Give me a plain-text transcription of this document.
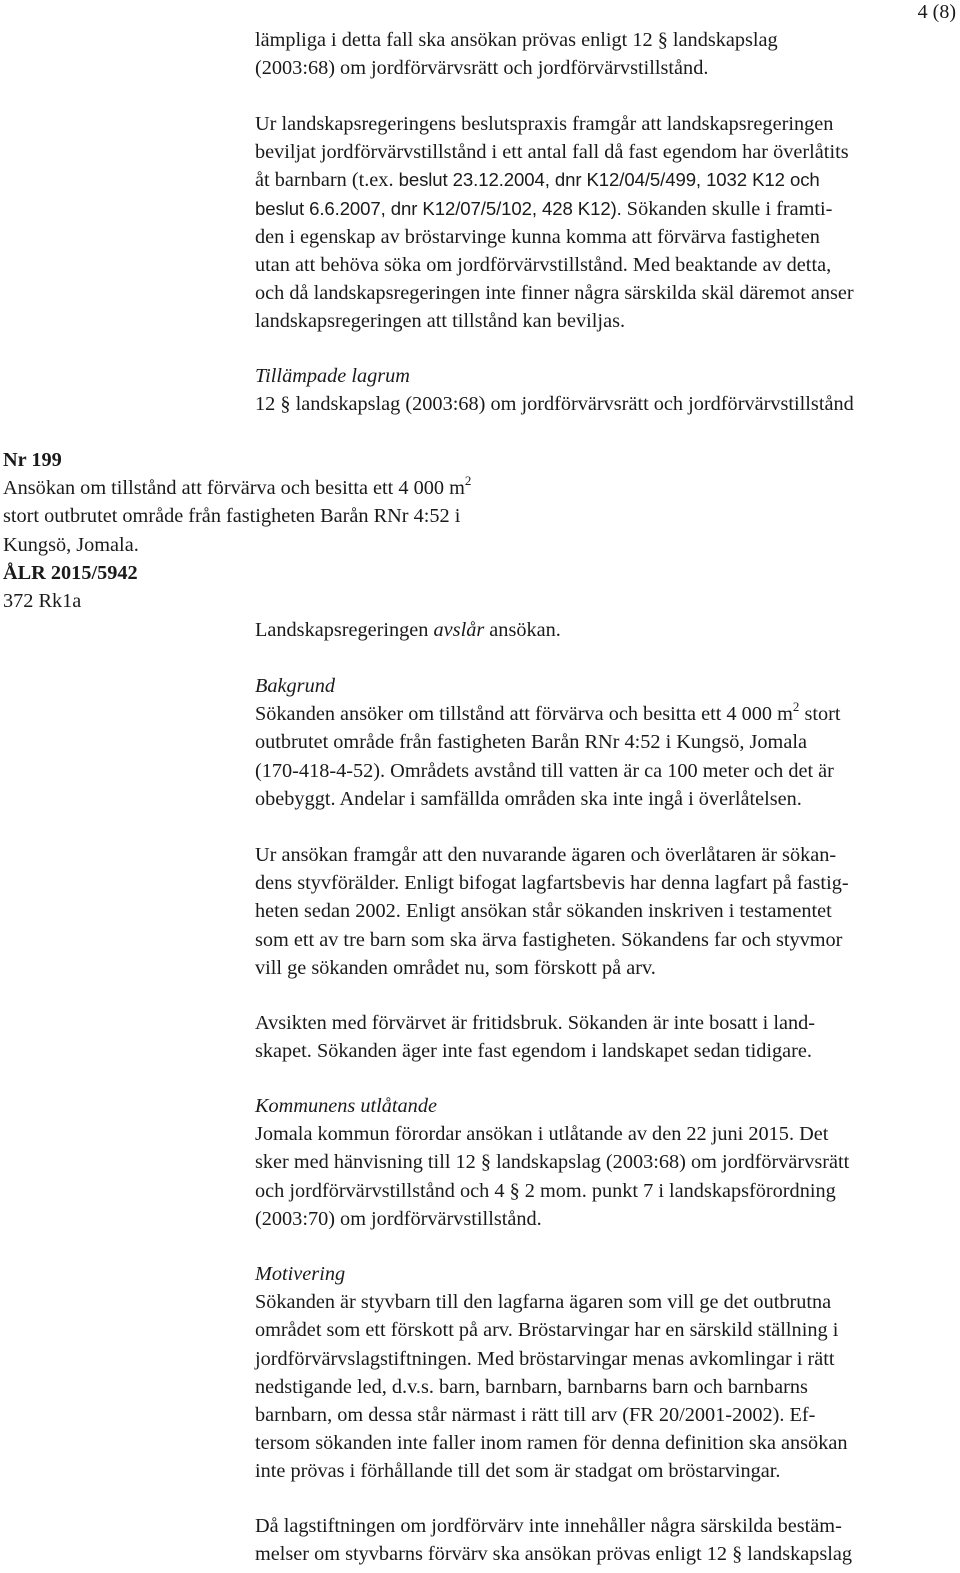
4 (8)
lämpliga i detta fall ska ansökan prövas enligt 12 § landskapslag
(2003:68) om jordförvärvsrätt och jordförvärvstillstånd.
Ur landskapsregeringens beslutspraxis framgår att landskapsregeringen
beviljat jordförvärvstillstånd i ett antal fall då fast egendom har överlåtits
åt barnbarn (t.ex. beslut 23.12.2004, dnr K12/04/5/499, 1032 K12 och
beslut 6.6.2007, dnr K12/07/5/102, 428 K12). Sökanden skulle i framti-
den i egenskap av bröstarvinge kunna komma att förvärva fastigheten
utan att behöva söka om jordförvärvstillstånd. Med beaktande av detta,
och då landskapsregeringen inte finner några särskilda skäl däremot anser
landskapsregeringen att tillstånd kan beviljas.
Tillämpade lagrum
12 § landskapslag (2003:68) om jordförvärvsrätt och jordförvärvstillstånd
Nr 199
Ansökan om tillstånd att förvärva och besitta ett 4 000 $m^2$
stort outbrutet område från fastigheten Barån RNr 4:52 i
Kungsö, Jomala.
ÅLR 2015/5942
372 Rk1a
Landskapsregeringen avslår ansökan.
Bakgrund
Sökanden ansöker om tillstånd att förvärva och besitta ett 4 000 $m^2$ stort
outbrutet område från fastigheten Barån RNr 4:52 i Kungsö, Jomala
(170-418-4-52). Områdets avstånd till vatten är ca 100 meter och det är
obebyggt. Andelar i samfällda områden ska inte ingå i överlåtelsen.
Ur ansökan framgår att den nuvarande ägaren och överlåtaren är sökan-
dens styvförälder. Enligt bifogat lagfartsbevis har denna lagfart på fastig-
heten sedan 2002. Enligt ansökan står sökanden inskriven i testamentet
som ett av tre barn som ska ärva fastigheten. Sökandens far och styvmor
vill ge sökanden området nu, som förskott på arv.
Avsikten med förvärvet är fritidsbruk. Sökanden är inte bosatt i land-
skapet. Sökanden äger inte fast egendom i landskapet sedan tidigare.
Kommunens utlåtande
Jomala kommun förordar ansökan i utlåtande av den 22 juni 2015. Det
sker med hänvisning till 12 § landskapslag (2003:68) om jordförvärvsrätt
och jordförvärvstillstånd och 4 § 2 mom. punkt 7 i landskapsförordning
(2003:70) om jordförvärvstillstånd.
Motivering
Sökanden är styvbarn till den lagfarna ägaren som vill ge det outbrutna
området som ett förskott på arv. Bröstarvingar har en särskild ställning i
jordförvärvslagstiftningen. Med bröstarvingar menas avkomlingar i rätt
nedstigande led, d.v.s. barn, barnbarn, barnbarns barn och barnbarns
barnbarn, om dessa står närmast i rätt till arv (FR 20/2001-2002). Ef-
tersom sökanden inte faller inom ramen för denna definition ska ansökan
inte prövas i förhållande till det som är stadgat om bröstarvingar.
Då lagstiftningen om jordförvärv inte innehåller några särskilda bestäm-
melser om styvbarns förvärv ska ansökan prövas enligt 12 § landskapslag
